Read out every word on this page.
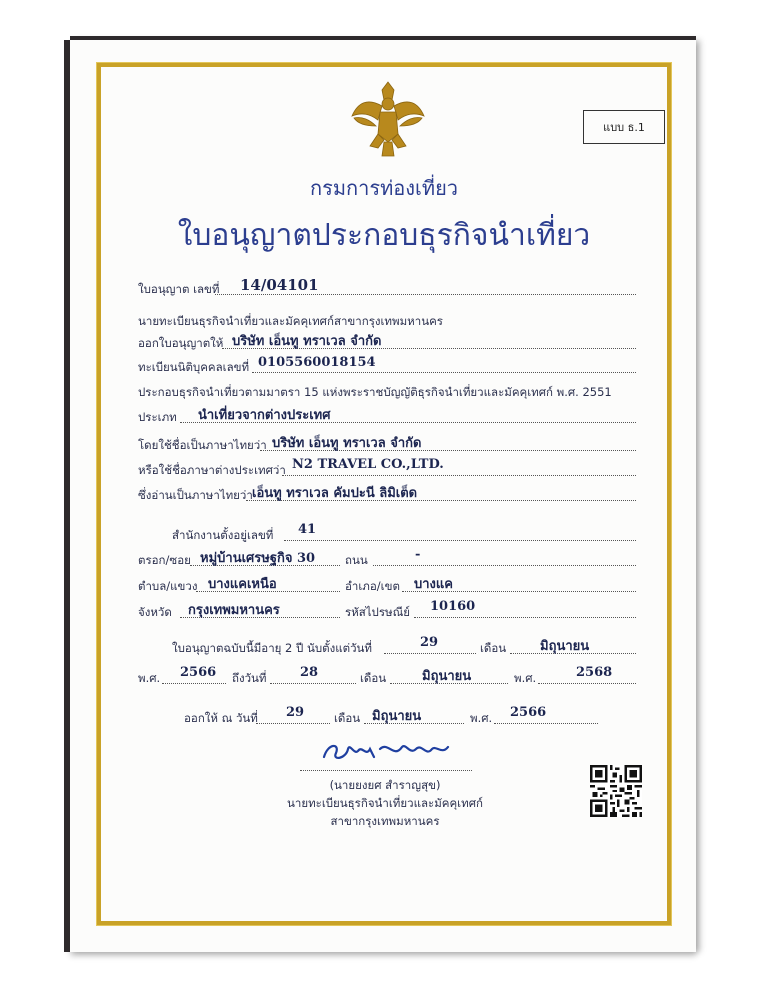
แบบ ธ.1
กรมการท่องเที่ยว
ใบอนุญาตประกอบธุรกิจนำเที่ยว
ใบอนุญาต เลขที่ 14/04101
นายทะเบียนธุรกิจนำเที่ยวและมัคคุเทศก์สาขากรุงเทพมหานคร
ออกใบอนุญาตให้ บริษัท เอ็นทู ทราเวล จำกัด
ทะเบียนนิติบุคคลเลขที่ 0105560018154
ประกอบธุรกิจนำเที่ยวตามมาตรา 15 แห่งพระราชบัญญัติธุรกิจนำเที่ยวและมัคคุเทศก์ พ.ศ. 2551
ประเภท นำเที่ยวจากต่างประเทศ
โดยใช้ชื่อเป็นภาษาไทยว่า บริษัท เอ็นทู ทราเวล จำกัด
หรือใช้ชื่อภาษาต่างประเทศว่า N2 TRAVEL CO.,LTD.
ซึ่งอ่านเป็นภาษาไทยว่า เอ็นทู ทราเวล คัมปะนี ลิมิเต็ด
สำนักงานตั้งอยู่เลขที่ 41
ตรอก/ซอย หมู่บ้านเศรษฐกิจ 30	ถนน	-
ตำบล/แขวง บางแคเหนือ	อำเภอ/เขต บางแค
จังหวัด กรุงเทพมหานคร	รหัสไปรษณีย์ 10160
ใบอนุญาตฉบับนี้มีอายุ 2 ปี นับตั้งแต่วันที่	29	เดือน	มิถุนายน
พ.ศ. 2566 ถึงวันที่	28	เดือน	มิถุนายน	พ.ศ.	2568
ออกให้ ณ วันที่ 29	เดือน มิถุนายน	พ.ศ. 2566
(นายยงยศ สำราญสุข)
นายทะเบียนธุรกิจนำเที่ยวและมัคคุเทศก์
สาขากรุงเทพมหานคร
